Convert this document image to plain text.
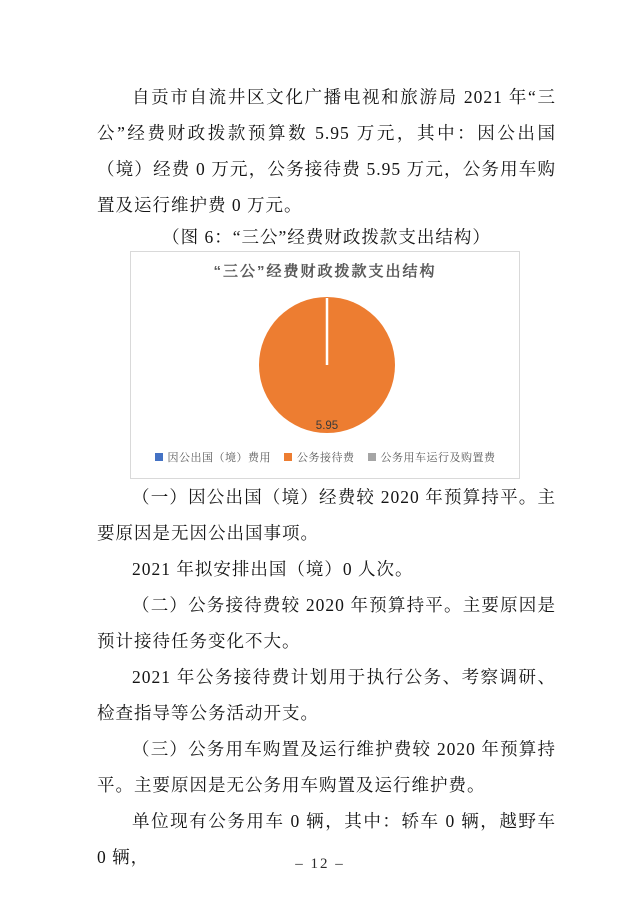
自贡市自流井区文化广播电视和旅游局 2021 年“三公”经费财政拨款预算数 5.95 万元，其中：因公出国（境）经费 0 万元，公务接待费 5.95 万元，公务用车购置及运行维护费 0 万元。

（图 6：“三公”经费财政拨款支出结构）

“三公”经费财政拨款支出结构
5.95
因公出国（境）费用 公务接待费 公务用车运行及购置费

（一）因公出国（境）经费较 2020 年预算持平。主要原因是无因公出国事项。

2021 年拟安排出国（境）0 人次。

（二）公务接待费较 2020 年预算持平。主要原因是预计接待任务变化不大。

2021 年公务接待费计划用于执行公务、考察调研、检查指导等公务活动开支。

（三）公务用车购置及运行维护费较 2020 年预算持平。主要原因是无公务用车购置及运行维护费。

单位现有公务用车 0 辆，其中：轿车 0 辆，越野车 0 辆，	– 12 –
